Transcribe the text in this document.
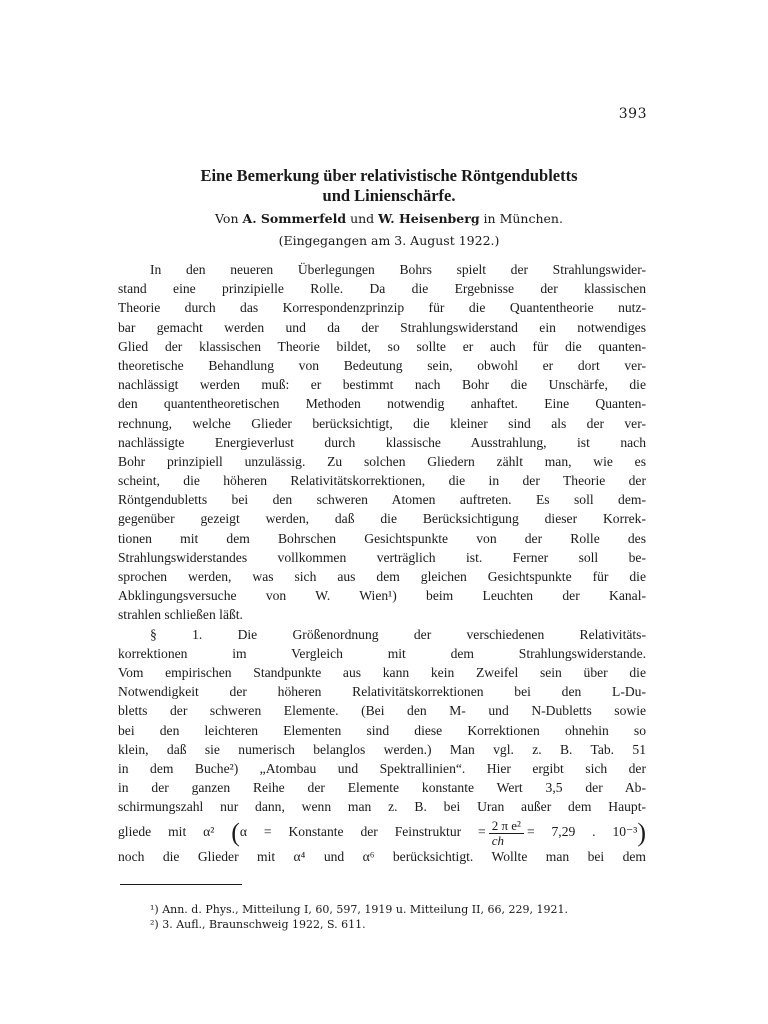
393
Eine Bemerkung über relativistische Röntgendubletts
und Linienschärfe.
Von A. Sommerfeld und W. Heisenberg in München.
(Eingegangen am 3. August 1922.)
In den neueren Überlegungen Bohrs spielt der Strahlungswider-
stand eine prinzipielle Rolle. Da die Ergebnisse der klassischen
Theorie durch das Korrespondenzprinzip für die Quantentheorie nutz-
bar gemacht werden und da der Strahlungswiderstand ein notwendiges
Glied der klassischen Theorie bildet, so sollte er auch für die quanten-
theoretische Behandlung von Bedeutung sein, obwohl er dort ver-
nachlässigt werden muß: er bestimmt nach Bohr die Unschärfe, die
den quantentheoretischen Methoden notwendig anhaftet. Eine Quanten-
rechnung, welche Glieder berücksichtigt, die kleiner sind als der ver-
nachlässigte Energieverlust durch klassische Ausstrahlung, ist nach
Bohr prinzipiell unzulässig. Zu solchen Gliedern zählt man, wie es
scheint, die höheren Relativitätskorrektionen, die in der Theorie der
Röntgendubletts bei den schweren Atomen auftreten. Es soll dem-
gegenüber gezeigt werden, daß die Berücksichtigung dieser Korrek-
tionen mit dem Bohrschen Gesichtspunkte von der Rolle des
Strahlungswiderstandes vollkommen verträglich ist. Ferner soll be-
sprochen werden, was sich aus dem gleichen Gesichtspunkte für die
Abklingungsversuche von W. Wien¹) beim Leuchten der Kanal-
strahlen schließen läßt.
§ 1. Die Größenordnung der verschiedenen Relativitäts-
korrektionen im Vergleich mit dem Strahlungswiderstande.
Vom empirischen Standpunkte aus kann kein Zweifel sein über die
Notwendigkeit der höheren Relativitätskorrektionen bei den L-Du-
bletts der schweren Elemente. (Bei den M- und N-Dubletts sowie
bei den leichteren Elementen sind diese Korrektionen ohnehin so
klein, daß sie numerisch belanglos werden.) Man vgl. z. B. Tab. 51
in dem Buche²) „Atombau und Spektrallinien“. Hier ergibt sich der
in der ganzen Reihe der Elemente konstante Wert 3,5 der Ab-
schirmungszahl nur dann, wenn man z. B. bei Uran außer dem Haupt-
gliede mit α² (α = Konstante der Feinstruktur = $\frac{\text{2 π e²}}{ch} = 7,29$ . 10⁻³)
noch die Glieder mit α⁴ und α⁶ berücksichtigt. Wollte man bei dem
¹) Ann. d. Phys., Mitteilung I, 60, 597, 1919 u. Mitteilung II, 66, 229, 1921.
²) 3. Aufl., Braunschweig 1922, S. 611.
